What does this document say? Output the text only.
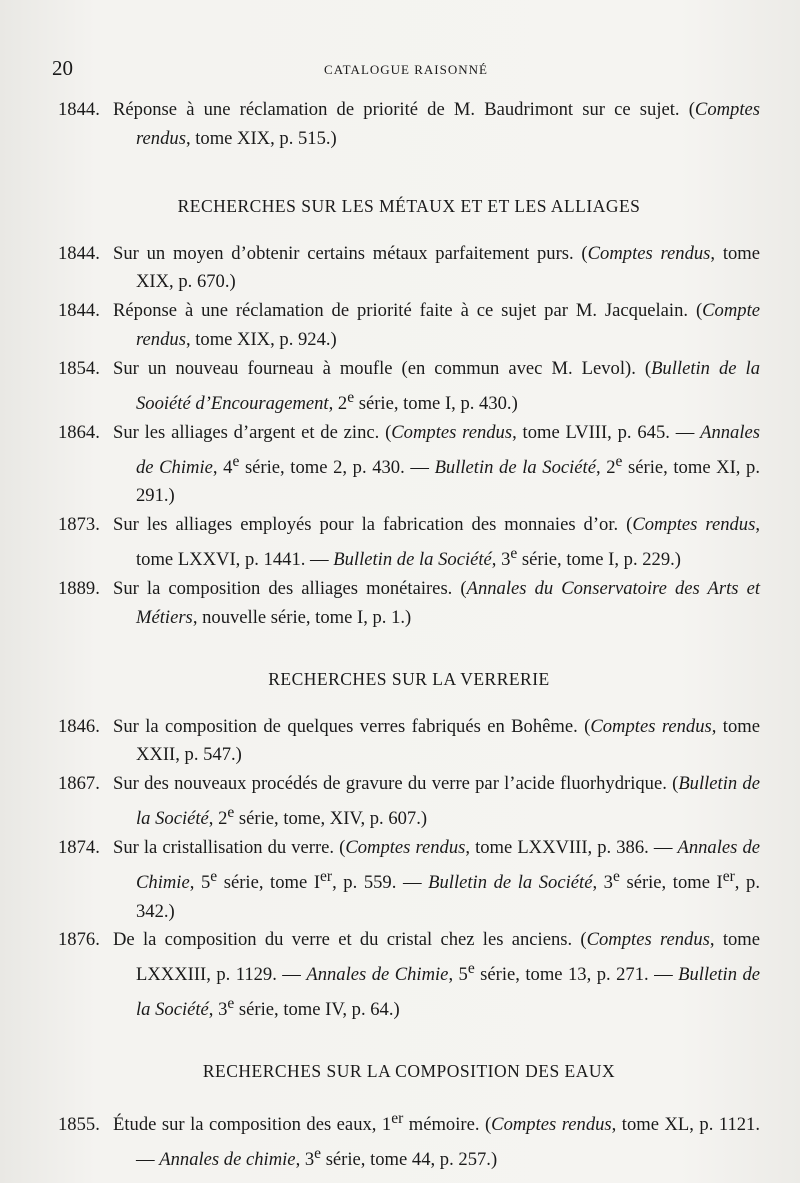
20	CATALOGUE RAISONNÉ

1844. Réponse à une réclamation de priorité de M. Baudrimont sur ce sujet. (Comptes rendus, tome XIX, p. 515.)

RECHERCHES SUR LES MÉTAUX ET ET LES ALLIAGES

1844. Sur un moyen d’obtenir certains métaux parfaitement purs. (Comptes rendus, tome XIX, p. 670.)

1844. Réponse à une réclamation de priorité faite à ce sujet par M. Jacquelain. (Compte rendus, tome XIX, p. 924.)

1854. Sur un nouveau fourneau à moufle (en commun avec M. Levol). (Bulletin de la Sooiété d’Encouragement, 2e série, tome I, p. 430.)

1864. Sur les alliages d’argent et de zinc. (Comptes rendus, tome LVIII, p. 645. — Annales de Chimie, 4e série, tome 2, p. 430. — Bulletin de la Société, 2e série, tome XI, p. 291.)

1873. Sur les alliages employés pour la fabrication des monnaies d’or. (Comptes rendus, tome LXXVI, p. 1441. — Bulletin de la Société, 3e série, tome I, p. 229.)

1889. Sur la composition des alliages monétaires. (Annales du Conservatoire des Arts et Métiers, nouvelle série, tome I, p. 1.)

RECHERCHES SUR LA VERRERIE

1846. Sur la composition de quelques verres fabriqués en Bohême. (Comptes rendus, tome XXII, p. 547.)

1867. Sur des nouveaux procédés de gravure du verre par l’acide fluorhydrique. (Bulletin de la Société, 2e série, tome, XIV, p. 607.)

1874. Sur la cristallisation du verre. (Comptes rendus, tome LXXVIII, p. 386. — Annales de Chimie, 5e série, tome Ier, p. 559. — Bulletin de la Société, 3e série, tome Ier, p. 342.)

1876. De la composition du verre et du cristal chez les anciens. (Comptes rendus, tome LXXXIII, p. 1129. — Annales de Chimie, 5e série, tome 13, p. 271. — Bulletin de la Société, 3e série, tome IV, p. 64.)

RECHERCHES SUR LA COMPOSITION DES EAUX

1855. Étude sur la composition des eaux, 1er mémoire. (Comptes rendus, tome XL, p. 1121. — Annales de chimie, 3e série, tome 44, p. 257.)
